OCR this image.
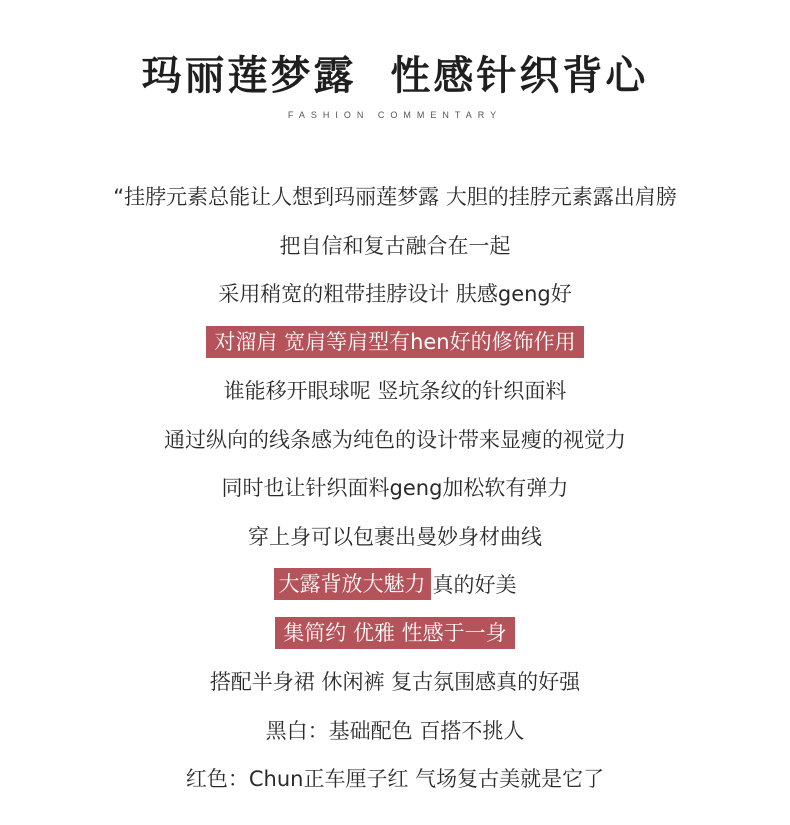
玛丽莲梦露  性感针织背心
FASHION COMMENTARY
“挂脖元素总能让人想到玛丽莲梦露 大胆的挂脖元素露出肩膀
把自信和复古融合在一起
采用稍宽的粗带挂脖设计 肤感geng好
对溜肩 宽肩等肩型有hen好的修饰作用
谁能移开眼球呢 竖坑条纹的针织面料
通过纵向的线条感为纯色的设计带来显瘦的视觉力
同时也让针织面料geng加松软有弹力
穿上身可以包裹出曼妙身材曲线
大露背放大魅力 真的好美
集简约 优雅 性感于一身
搭配半身裙 休闲裤 复古氛围感真的好强
黑白：基础配色 百搭不挑人
红色：Chun正车厘子红 气场复古美就是它了
